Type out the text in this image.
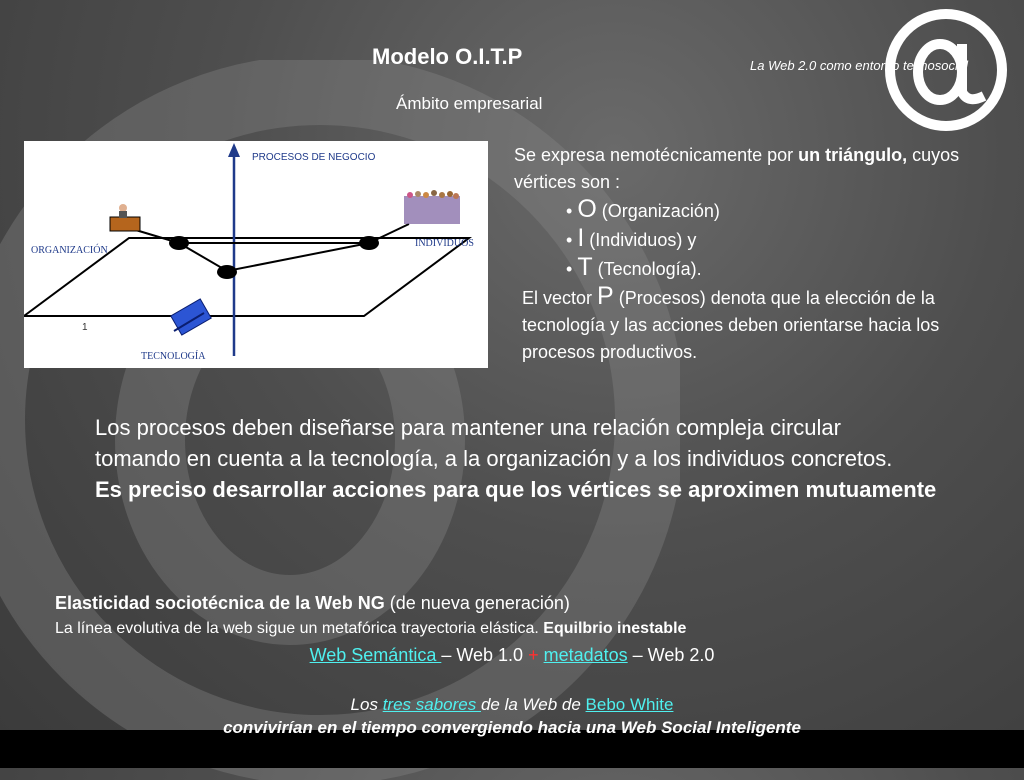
Modelo O.I.T.P
Ámbito empresarial
La Web 2.0 como entorno tecnosocial
PROCESOS DE NEGOCIO
ORGANIZACIÓN
INDIVIDUOS
TECNOLOGÍA
1
Se expresa nemotécnicamente por un triángulo, cuyos vértices son :
• O (Organización)
• I (Individuos) y
• T (Tecnología).
El vector P (Procesos) denota que la elección de la tecnología y las acciones deben orientarse hacia los procesos productivos.

Los procesos deben diseñarse para mantener una relación compleja circular

tomando en cuenta a la tecnología, a la organización y a los individuos concretos.

Es preciso desarrollar acciones para que los vértices se aproximen mutuamente

Elasticidad sociotécnica de la Web NG (de nueva generación)
La línea evolutiva de la web sigue un metafórica trayectoria elástica. Equilbrio inestable
Web Semántica – Web 1.0 + metadatos – Web 2.0
Los tres sabores de la Web de Bebo White
convivirían en el tiempo convergiendo hacia una Web Social Inteligente
